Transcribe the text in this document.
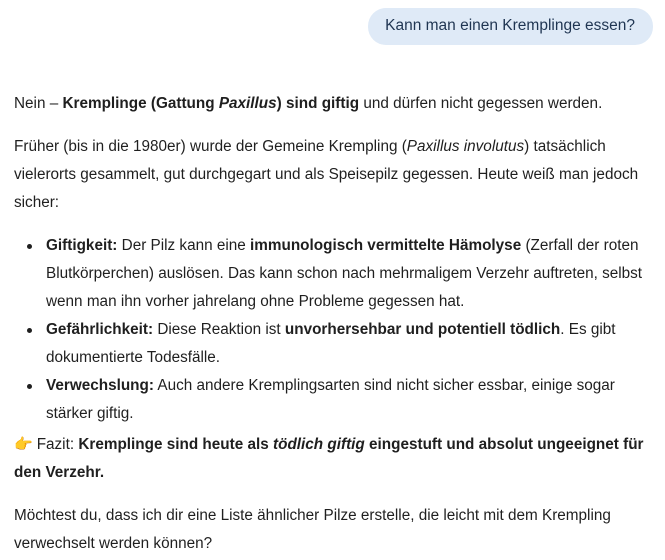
Kann man einen Kremplinge essen?

Nein – Kremplinge (Gattung Paxillus) sind giftig und dürfen nicht gegessen werden.

Früher (bis in die 1980er) wurde der Gemeine Krempling (Paxillus involutus) tatsächlich vielerorts gesammelt, gut durchgegart und als Speisepilz gegessen. Heute weiß man jedoch sicher:

Giftigkeit: Der Pilz kann eine immunologisch vermittelte Hämolyse (Zerfall der roten Blutkörperchen) auslösen. Das kann schon nach mehrmaligem Verzehr auftreten, selbst wenn man ihn vorher jahrelang ohne Probleme gegessen hat.
Gefährlichkeit: Diese Reaktion ist unvorhersehbar und potentiell tödlich. Es gibt dokumentierte Todesfälle.
Verwechslung: Auch andere Kremplingsarten sind nicht sicher essbar, einige sogar stärker giftig.

👉 Fazit: Kremplinge sind heute als tödlich giftig eingestuft und absolut ungeeignet für den Verzehr.

Möchtest du, dass ich dir eine Liste ähnlicher Pilze erstelle, die leicht mit dem Krempling verwechselt werden können?
